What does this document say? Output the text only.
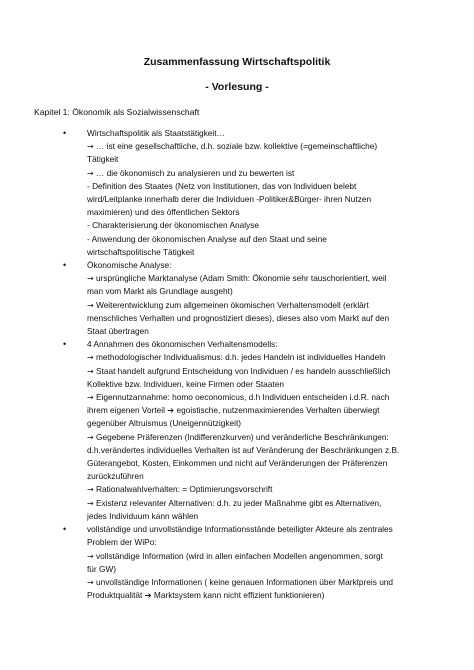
Zusammenfassung Wirtschaftspolitik
- Vorlesung -

Kapitel 1: Ökonomik als Sozialwissenschaft

•	Wirtschaftspolitik als Staatstätigkeit…
→ … ist eine gesellschaftliche, d.h. soziale bzw. kollektive (=gemeinschaftliche)
Tätigkeit
→ … die ökonomisch zu analysieren und zu bewerten ist
- Definition des Staates (Netz von Institutionen, das von Individuen belebt
wird/Leitplanke innerhalb derer die Individuen -Politiker&Bürger- ihren Nutzen
maximieren) und des öffentlichen Sektors
- Charakterisierung der ökonomischen Analyse
- Anwendung der ökonomischen Analyse auf den Staat und seine
wirtschaftspolitische Tätigkeit
•	Ökonomische Analyse:
→ ursprüngliche Marktanalyse (Adam Smith: Ökonomie sehr tauschorientiert, weil
man vom Markt als Grundlage ausgeht)
→ Weiterentwicklung zum allgemeinen ökomischen Verhaltensmodell (erklärt
menschliches Verhalten und prognostiziert dieses), dieses also vom Markt auf den
Staat übertragen
•	4 Annahmen des ökonomischen Verhaltensmodells:
→ methodologischer Individualismus: d.h. jedes Handeln ist individuelles Handeln
→ Staat handelt aufgrund Entscheidung von Individuen / es handeln ausschließlich
Kollektive bzw. Individuen, keine Firmen oder Staaten
→ Eigennutzannahme: homo oeconomicus, d.h Individuen entscheiden i.d.R. nach
ihrem eigenen Vorteil ➔ egoistische, nutzenmaximierendes Verhalten überwiegt
gegenüber Altruismus (Uneigennützigkeit)
→ Gegebene Präferenzen (Indifferenzkurven) und veränderliche Beschränkungen:
d.h.verändertes individuelles Verhalten ist auf Veränderung der Beschränkungen z.B.
Güterangebot, Kosten, Einkommen und nicht auf Veränderungen der Präferenzen
zurückzuführen
→ Rationalwahlverhalten: = Optimierungsvorschrift
→ Existenz relevanter Alternativen: d.h. zu jeder Maßnahme gibt es Alternativen,
jedes Individuum kann wählen
•	vollständige und unvollständige Informationsstände beteiligter Akteure als zentrales
Problem der WiPo:
→ vollständige Information (wird in allen einfachen Modellen angenommen, sorgt
für GW)
→ unvollständige Informationen ( keine genauen Informationen über Marktpreis und
Produktqualität ➔ Marktsystem kann nicht effizient funktionieren)
